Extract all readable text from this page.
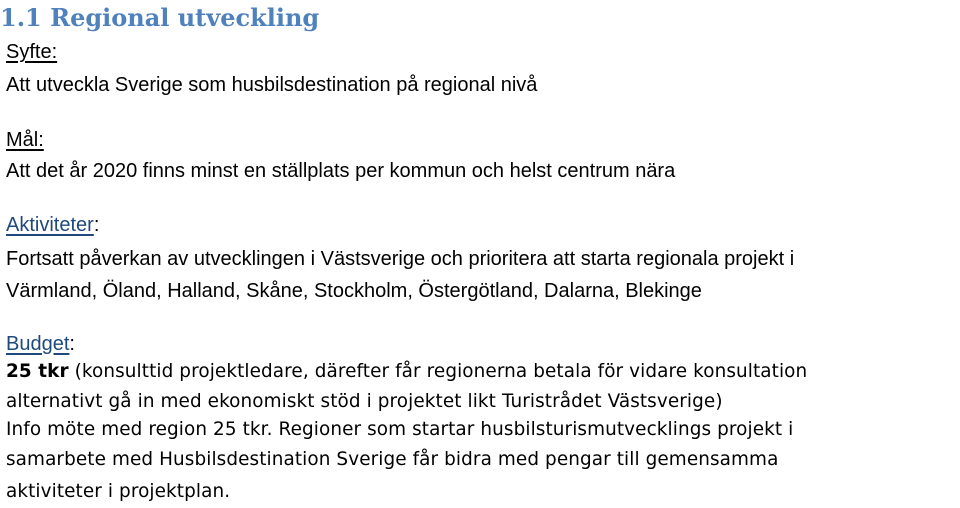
1.1 Regional utveckling
Syfte:
Att utveckla Sverige som husbilsdestination på regional nivå
Mål:
Att det år 2020 finns minst en ställplats per kommun och helst centrum nära
Aktiviteter:
Fortsatt påverkan av utvecklingen i Västsverige och prioritera att starta regionala projekt i
Värmland, Öland, Halland, Skåne, Stockholm, Östergötland, Dalarna, Blekinge
Budget:
25 tkr (konsulttid projektledare, därefter får regionerna betala för vidare konsultation
alternativt gå in med ekonomiskt stöd i projektet likt Turistrådet Västsverige)
Info möte med region 25 tkr. Regioner som startar husbilsturismutvecklings projekt i
samarbete med Husbilsdestination Sverige får bidra med pengar till gemensamma
aktiviteter i projektplan.
